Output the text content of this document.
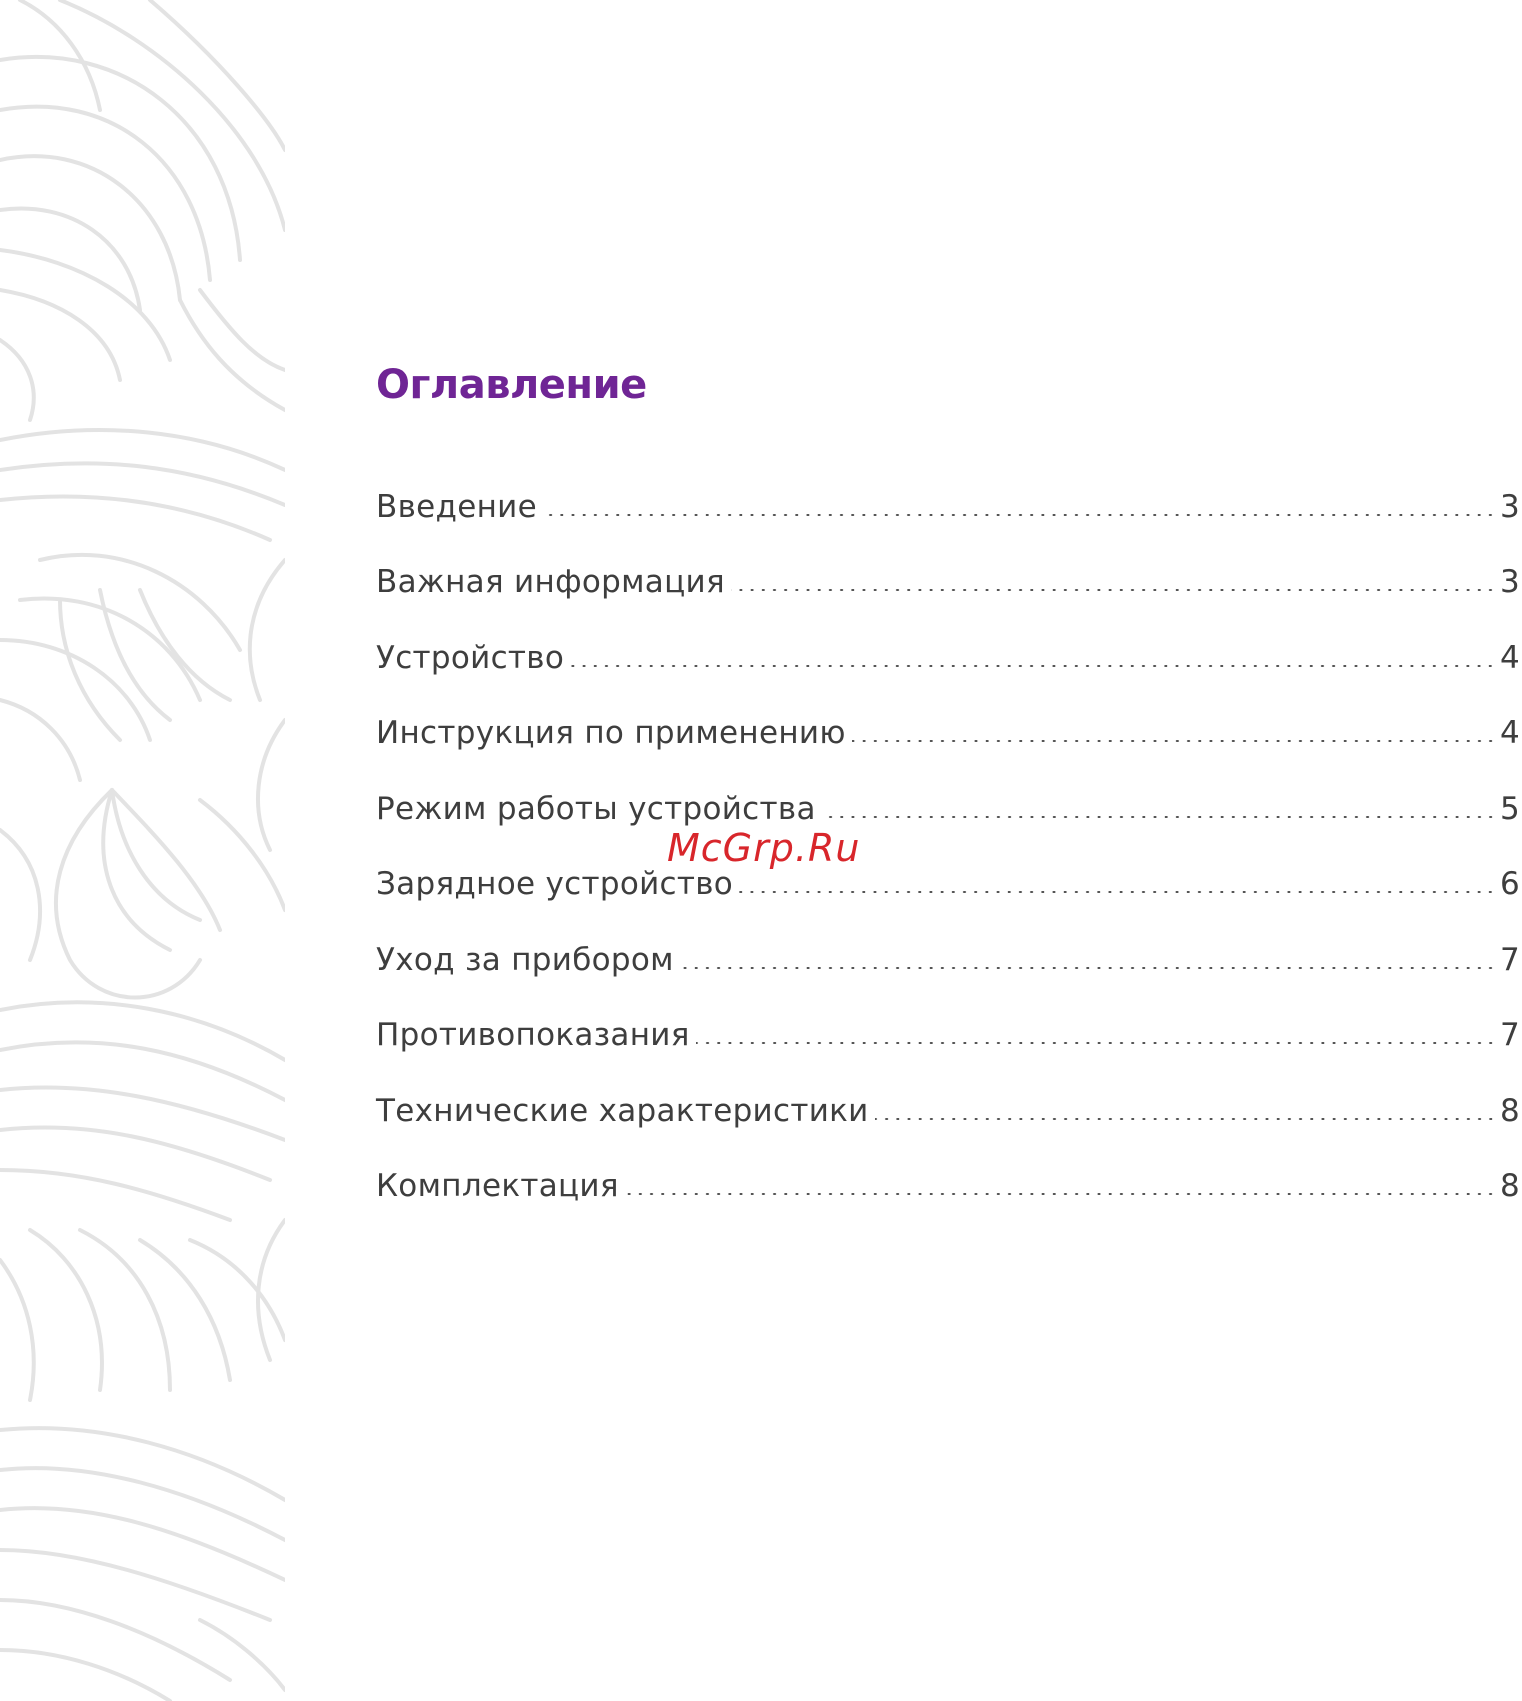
Оглавление
Введение	3
Важная информация	3
Устройство	4
Инструкция по применению	4
Режим работы устройства	5
Зарядное устройство	6
Уход за прибором	7
Противопоказания	7
Технические характеристики	8
Комплектация	8
McGrp.Ru
